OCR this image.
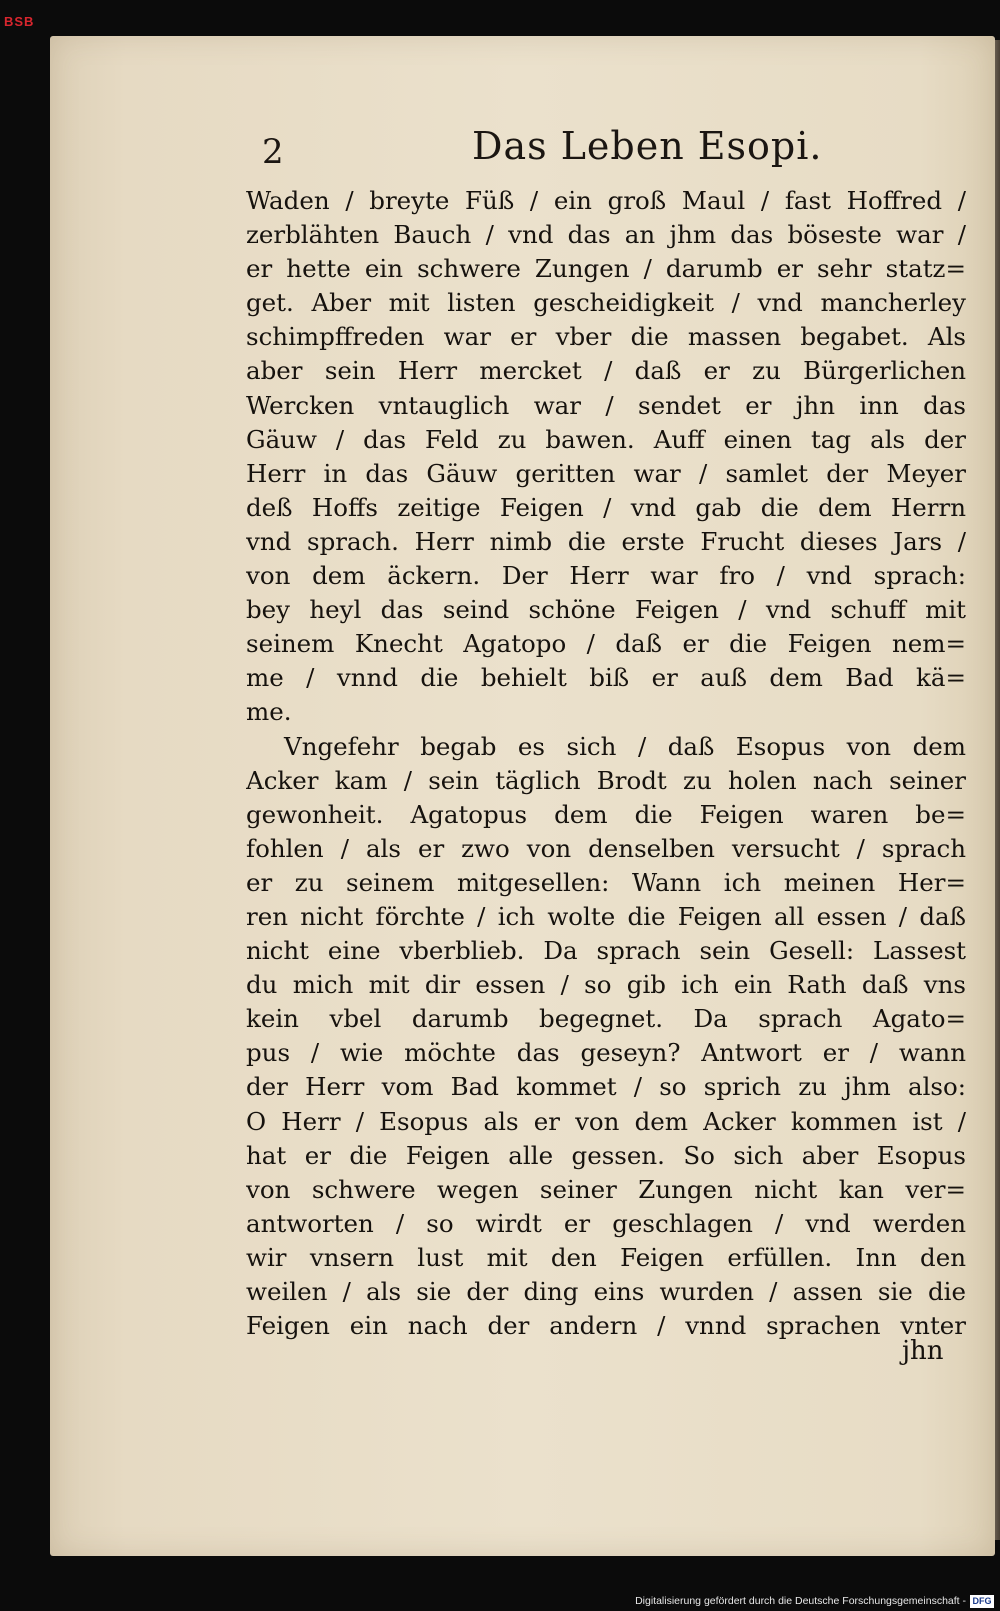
BSB
2	Das Leben Esopi.
Waden / breyte Füß / ein groß Maul / fast Hoffred /
zerblähten Bauch / vnd das an jhm das böseste war /
er hette ein schwere Zungen / darumb er sehr statz=
get. Aber mit listen gescheidigkeit / vnd mancherley
schimpffreden war er vber die massen begabet. Als
aber sein Herr mercket / daß er zu Bürgerlichen
Wercken vntauglich war / sendet er jhn inn das
Gäuw / das Feld zu bawen. Auff einen tag als der
Herr in das Gäuw geritten war / samlet der Meyer
deß Hoffs zeitige Feigen / vnd gab die dem Herrn
vnd sprach. Herr nimb die erste Frucht dieses Jars /
von dem äckern. Der Herr war fro / vnd sprach:
bey heyl das seind schöne Feigen / vnd schuff mit
seinem Knecht Agatopo / daß er die Feigen nem=
me / vnnd die behielt biß er auß dem Bad kä=
me.
Vngefehr begab es sich / daß Esopus von dem
Acker kam / sein täglich Brodt zu holen nach seiner
gewonheit. Agatopus dem die Feigen waren be=
fohlen / als er zwo von denselben versucht / sprach
er zu seinem mitgesellen: Wann ich meinen Her=
ren nicht förchte / ich wolte die Feigen all essen / daß
nicht eine vberblieb. Da sprach sein Gesell: Lassest
du mich mit dir essen / so gib ich ein Rath daß vns
kein vbel darumb begegnet. Da sprach Agato=
pus / wie möchte das geseyn? Antwort er / wann
der Herr vom Bad kommet / so sprich zu jhm also:
O Herr / Esopus als er von dem Acker kommen ist /
hat er die Feigen alle gessen. So sich aber Esopus
von schwere wegen seiner Zungen nicht kan ver=
antworten / so wirdt er geschlagen / vnd werden
wir vnsern lust mit den Feigen erfüllen. Inn den
weilen / als sie der ding eins wurden / assen sie die
Feigen ein nach der andern / vnnd sprachen vnter
jhn
Digitalisierung gefördert durch die Deutsche Forschungsgemeinschaft - DFG
